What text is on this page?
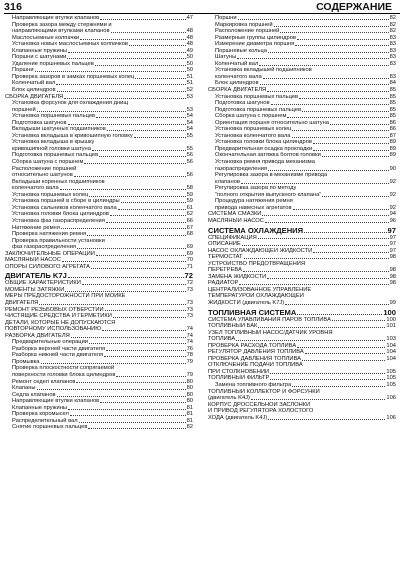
316	СОДЕРЖАНИЕ
Направляющие втулки клапанов	47
Проверка зазора между стержнями и
направляющими втулками клапанов	48
Маслосъемные колпачки	48
Установка новых маслосъемных колпачков	48
Клапанные пружины	49
Поршни с шатунами	50
Удаление поршневых пальцев	50
Поршни	50
Проверка зазоров в замках поршневых колец	51
Коленчатый вал	51
Блок цилиндров	52
СБОРКА ДВИГАТЕЛЯ	53
Установка форсунок для охлаждения днищ
поршней	53
Установка поршневых пальцев	54
Подготовка шатунов	54
Вкладыши шатунных подшипников	54
Установка вкладыша в кривошипную головку	55
Установка вкладыша в крышку
кривошипной головки шатуна	55
Подготовка поршневых пальцев	56
Сборка шатуна с поршнем	56
Расположение поршней
относительно шатунов	56
Вкладыши коренных подшипников
коленчатого вала	58
Установка поршневых колец	59
Установка поршней в сборе в цилиндры	59
Установка сальников коленчатого вала	61
Установка головки блока цилиндров	62
Установка фаз газораспределения	66
Натяжение ремня	67
Проверка натяжения ремня	68
Проверка правильности установки
фаз газораспределения	69
ЗАКЛЮЧИТЕЛЬНЫЕ ОПЕРАЦИИ	69
МАСЛЯНЫЙ НАСОС	70
ОПОРЫ СИЛОВОГО АГРЕГАТА	71
ДВИГАТЕЛЬ K7J	72
ОБЩИЕ ХАРАКТЕРИСТИКИ	72
МОМЕНТЫ ЗАТЯЖКИ	73
МЕРЫ ПРЕДОСТОРОЖНОСТИ ПРИ МОЙКЕ
ДВИГАТЕЛЯ	73
РЕМОНТ РЕЗЬБОВЫХ ОТВЕРСТИЙ	73
ЧИСТЯЩИЕ СРЕДСТВА И ГЕРМЕТИКИ	73
ДЕТАЛИ, КОТОРЫЕ НЕ ДОПУСКАЮТСЯ
ПОВТОРНОМУ ИСПОЛЬЗОВАНИЮ	74
РАЗБОРКА ДВИГАТЕЛЯ	74
Предварительные операции	74
Разборка верхней части двигателя	76
Разборка нижней части двигателя	78
Промывка	79
Проверка плоскостности сопрягаемой
поверхности головки блока цилиндров	79
Ремонт седел клапанов	80
Клапаны	80
Седла клапанов	80
Направляющие втулки клапанов	80
Клапанные пружины	81
Проверка коромысел	81
Распределительный вал	81
Снятие поршневых пальцев	82
Поршни	82
Маркировка поршней	82
Расположение поршней	82
Размерные группы цилиндров	83
Измерение диаметра поршня	83
Поршневые кольца	83
Шатуны	83
Коленчатый вал	83
Установка вкладышей подшипников
коленчатого вала	83
Блок цилиндров	84
СБОРКА ДВИГАТЕЛЯ	85
Установка поршневых пальцев	85
Подготовка шатунов	85
Подготовка поршневых пальцев	85
Сборка шатуна с поршнем	85
Ориентация поршня относительно шатуна	86
Установка поршневых колец	86
Установка коленчатого вала	87
Установка головки блока цилиндров	89
Предварительная осадка прокладки	89
Окончательная затяжка болтов головки	89
Установка ремня привода механизма
газораспределения	90
Регулировка зазора в механизме привода
клапанов	92
Регулировка зазора по методу
"полного открытия выпускного клапана"	92
Процедура натяжения ремня
привода навесных агрегатов	92
СИСТЕМА СМАЗКИ	94
МАСЛЯНЫЙ НАСОС	96
СИСТЕМА ОХЛАЖДЕНИЯ	97
СПЕЦИФИКАЦИЯ	97
ОПИСАНИЕ	97
НАСОС ОХЛАЖДАЮЩЕЙ ЖИДКОСТИ	97
ТЕРМОСТАТ	98
УСТРОЙСТВО ПРЕДОТВРАЩЕНИЯ
ПЕРЕГРЕВА	98
ЗАМЕНА ЖИДКОСТИ	98
РАДИАТОР	98
ЦЕНТРАЛИЗОВАННОЕ УПРАВЛЕНИЕ
ТЕМПЕРАТУРОЙ ОХЛАЖДАЮЩЕЙ
ЖИДКОСТИ (двигатель K7J)	99
ТОПЛИВНАЯ СИСТЕМА	100
СИСТЕМА УЛАВЛИВАНИЯ ПАРОВ ТОПЛИВА	100
ТОПЛИВНЫЙ БАК	101
УЗЕЛ ТОПЛИВНЫЙ НАСОС/ДАТЧИК УРОВНЯ
ТОПЛИВА	103
ПРОВЕРКА РАСХОДА ТОПЛИВА	104
РЕГУЛЯТОР ДАВЛЕНИЯ ТОПЛИВА	104
ПРОВЕРКА ДАВЛЕНИЯ ТОПЛИВА	104
ОТКЛЮЧЕНИЕ ПОДАЧИ ТОПЛИВА
ПРИ СТОЛКНОВЕНИИ	105
ТОПЛИВНЫЙ ФИЛЬТР	105
Замена топливного фильтра	105
ТОПЛИВНЫЙ КОЛЛЕКТОР И ФОРСУНКИ
(двигатель K4J)	106
КОРПУС ДРОССЕЛЬНОЙ ЗАСЛОНКИ
И ПРИВОД РЕГУЛЯТОРА ХОЛОСТОГО
ХОДА (двигатель K4J)	106
